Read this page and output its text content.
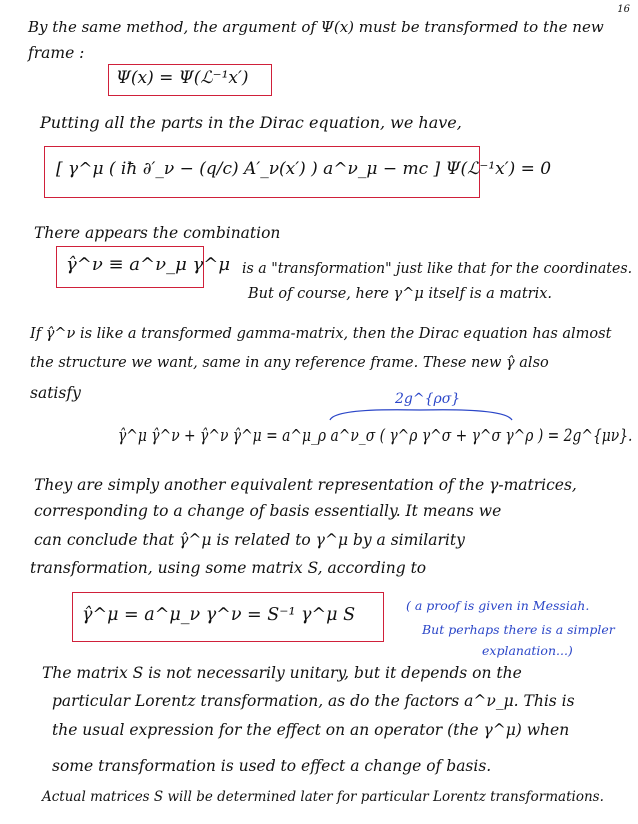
16
By the same method, the argument of Ψ(x) must be transformed to the new
frame :
Ψ(x) = Ψ(ℒ⁻¹x′)
Putting all the parts in the Dirac equation, we have,
[ γ^μ ( iħ ∂′_ν − (q/c) A′_ν(x′) ) a^ν_μ − mc ] Ψ(ℒ⁻¹x′) = 0
There appears the combination
γ̂^ν ≡ a^ν_μ γ^μ is a "transformation" just like that for the coordinates.
But of course, here γ^μ itself is a matrix.
If γ̂^ν is like a transformed gamma-matrix, then the Dirac equation has almost
the structure we want, same in any reference frame. These new γ̂ also
satisfy	2g^{ρσ}
γ̂^μ γ̂^ν + γ̂^ν γ̂^μ = a^μ_ρ a^ν_σ ( γ^ρ γ^σ + γ^σ γ^ρ ) = 2g^{μν}.
They are simply another equivalent representation of the γ-matrices,
corresponding to a change of basis essentially. It means we
can conclude that γ̂^μ is related to γ^μ by a similarity
transformation, using some matrix S, according to
γ̂^μ = a^μ_ν γ^ν = S⁻¹ γ^μ S	( a proof is given in Messiah.
But perhaps there is a simpler
explanation...)
The matrix S is not necessarily unitary, but it depends on the
particular Lorentz transformation, as do the factors a^ν_μ. This is
the usual expression for the effect on an operator (the γ^μ) when
some transformation is used to effect a change of basis.
Actual matrices S will be determined later for particular Lorentz transformations.
